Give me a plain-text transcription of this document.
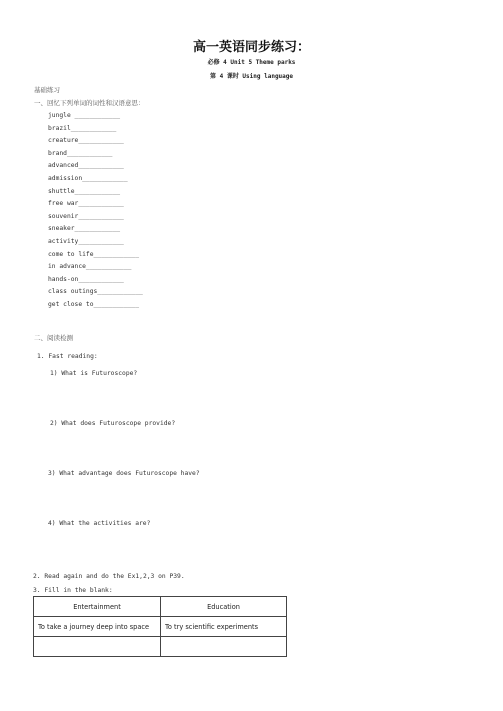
高一英语同步练习：
必修 4 Unit 5 Theme parks
第 4 课时 Using language
基础练习
一、回忆下列单词的词性和汉语意思：
jungle ____________
brazil____________
creature____________
brand____________
advanced____________
admission____________
shuttle____________
free war____________
souvenir____________
sneaker____________
activity____________
come to life____________
in advance____________
hands-on____________
class outings____________
get close to____________
二、阅读检测
1. Fast reading:
1) What is Futuroscope?
2) What does Futuroscope provide?
3) What advantage does Futuroscope have?
4) What the activities are?
2. Read again and do the Ex1,2,3 on P39.
3. Fill in the blank:
Entertainment	Education
To take a journey deep into space	To try scientific experiments
